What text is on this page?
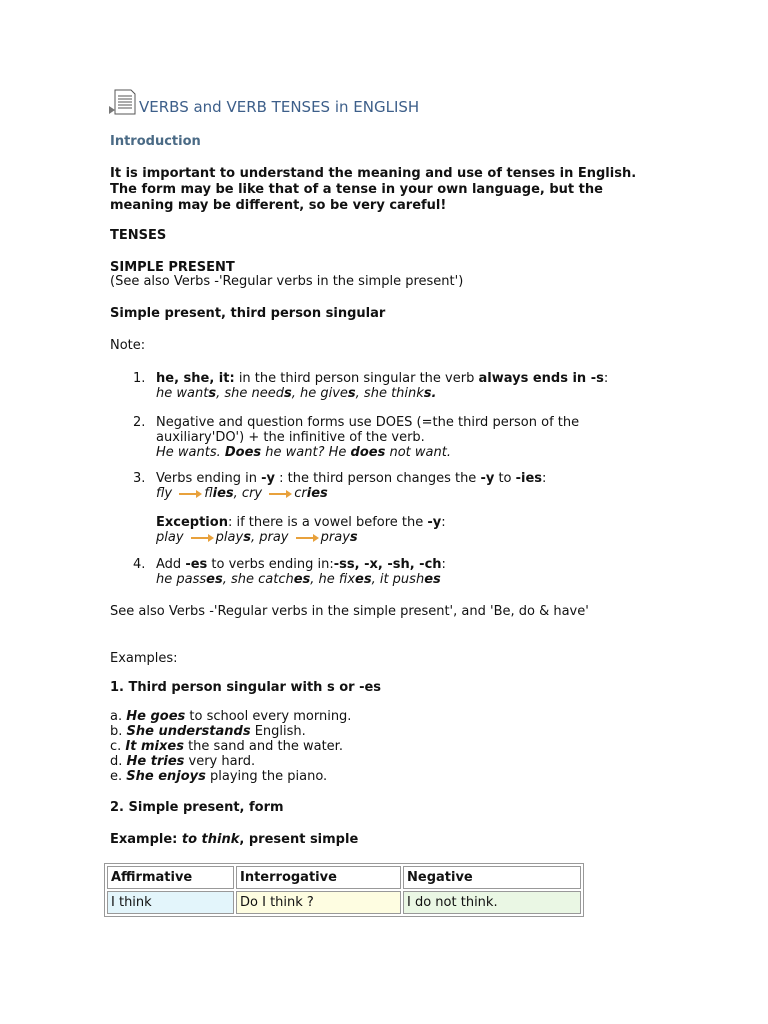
VERBS and VERB TENSES in ENGLISH
Introduction
It is important to understand the meaning and use of tenses in English.
The form may be like that of a tense in your own language, but the
meaning may be different, so be very careful!
TENSES
SIMPLE PRESENT
(See also Verbs -'Regular verbs in the simple present')
Simple present, third person singular
Note:
1. he, she, it: in the third person singular the verb always ends in -s:
he wants, she needs, he gives, she thinks.
2. Negative and question forms use DOES (=the third person of the
auxiliary'DO') + the infinitive of the verb.
He wants. Does he want? He does not want.
3. Verbs ending in -y : the third person changes the -y to -ies:
fly flies, cry cries
Exception: if there is a vowel before the -y:
play plays, pray prays
4. Add -es to verbs ending in:-ss, -x, -sh, -ch:
he passes, she catches, he fixes, it pushes
See also Verbs -'Regular verbs in the simple present', and 'Be, do & have'
Examples:
1. Third person singular with s or -es
a. He goes to school every morning.
b. She understands English.
c. It mixes the sand and the water.
d. He tries very hard.
e. She enjoys playing the piano.
2. Simple present, form
Example: to think, present simple
Affirmative	Interrogative	Negative
I think	Do I think ?	I do not think.
